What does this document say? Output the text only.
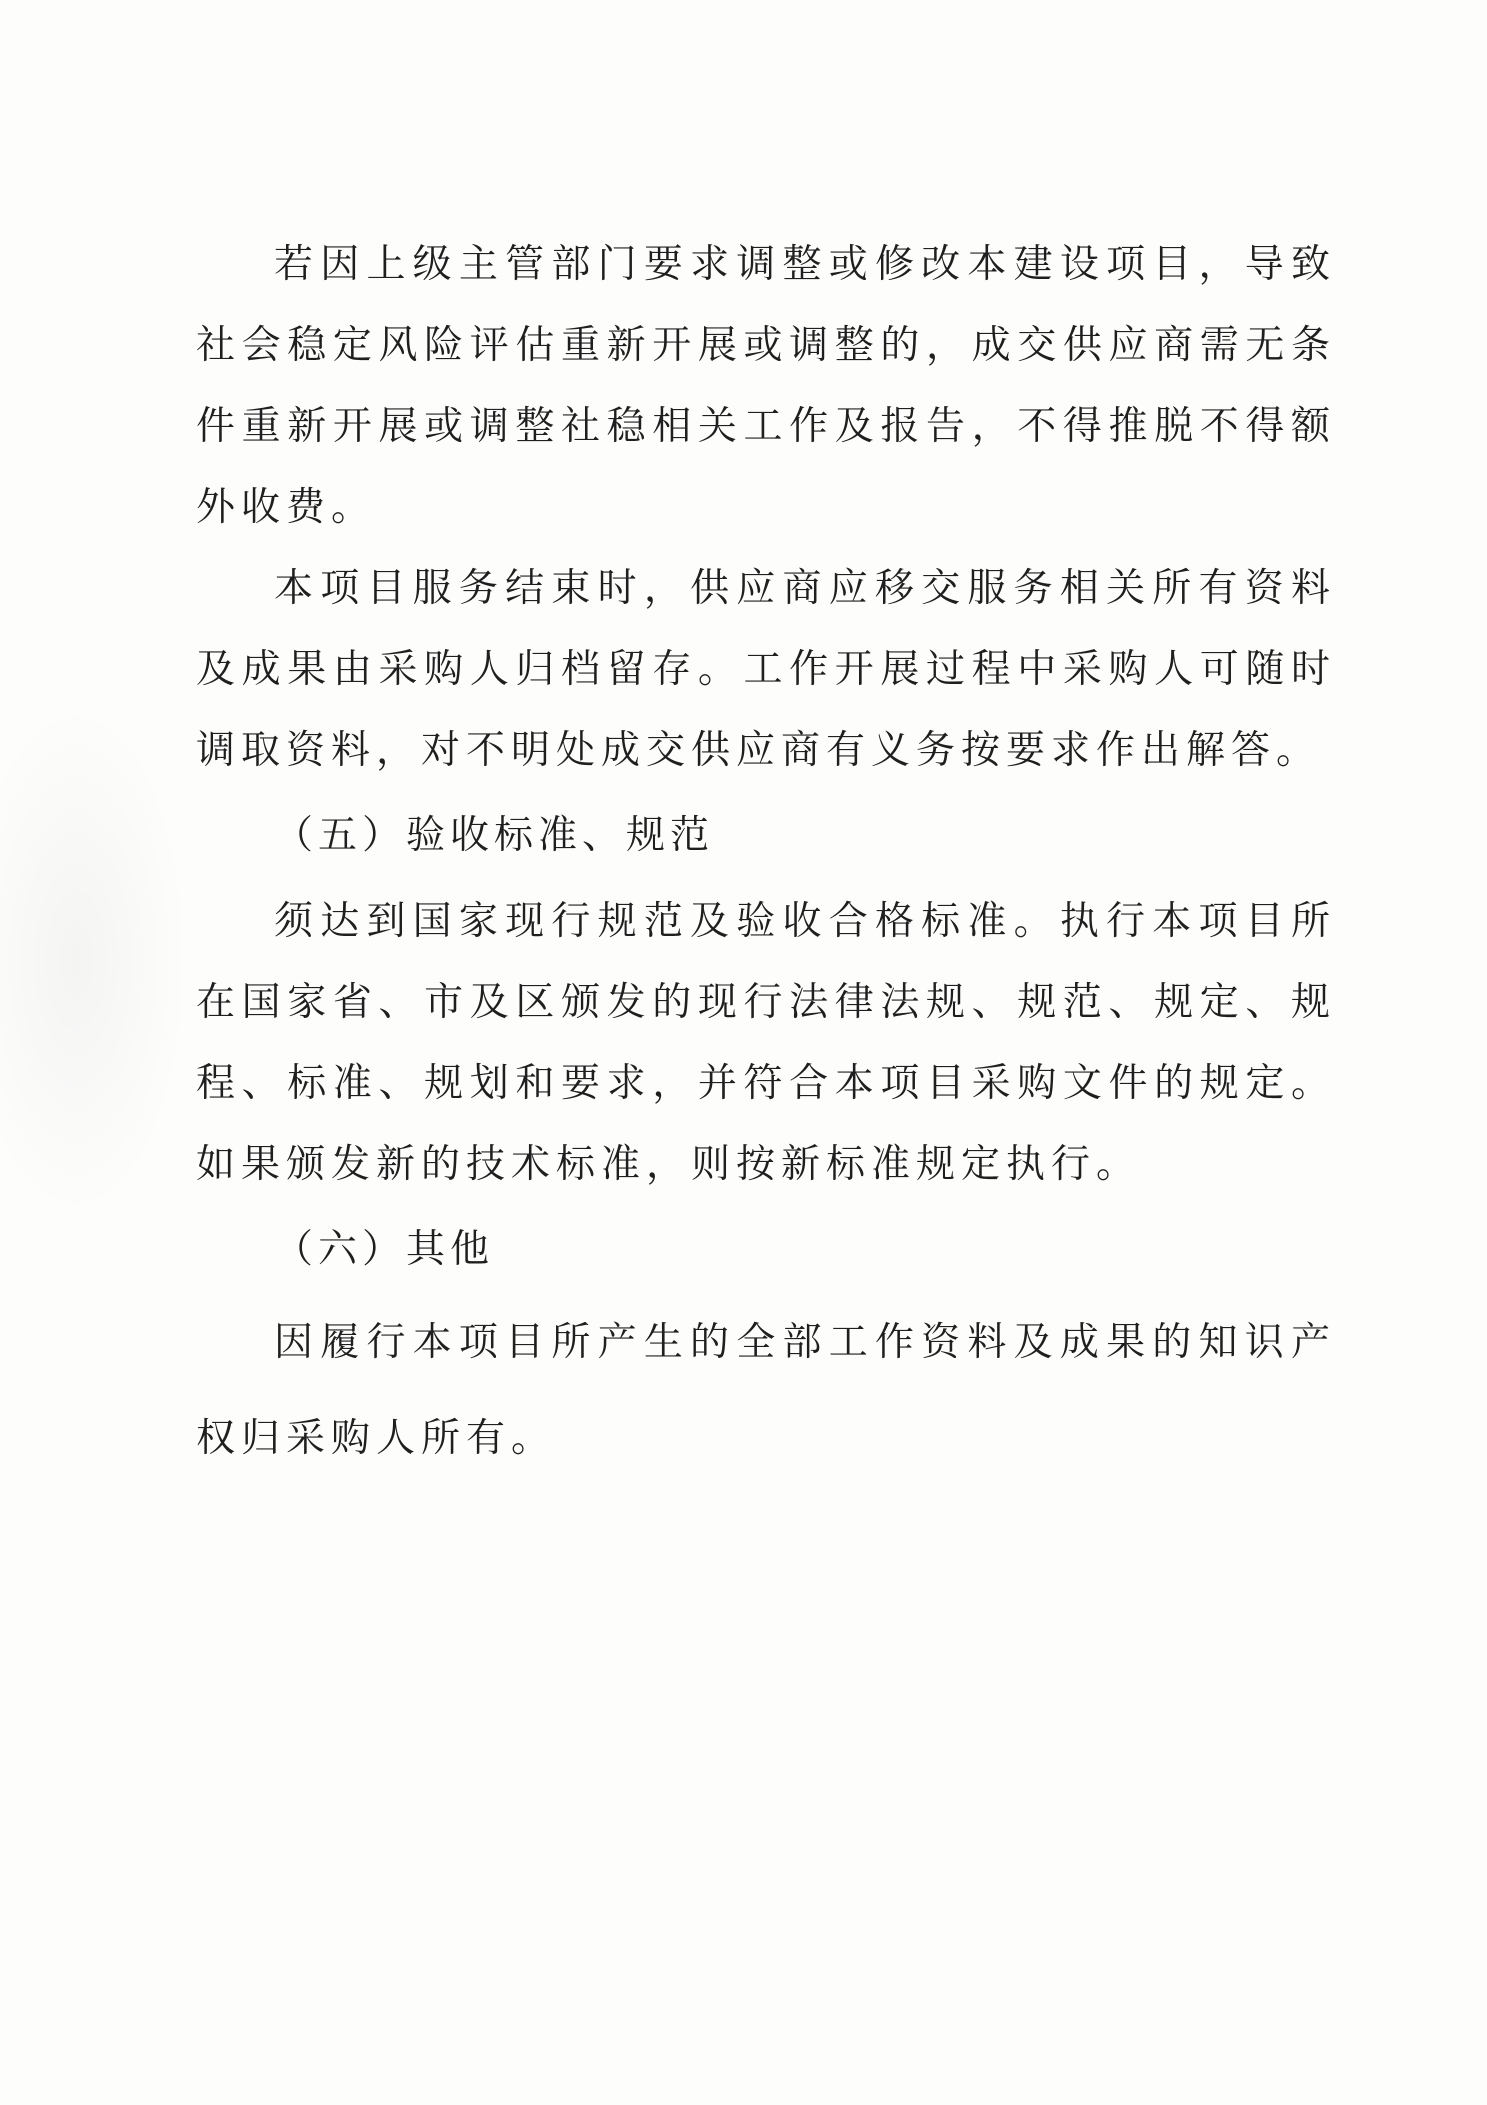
若因上级主管部门要求调整或修改本建设项目，导致社会稳定风险评估重新开展或调整的，成交供应商需无条件重新开展或调整社稳相关工作及报告，不得推脱不得额外收费。

本项目服务结束时，供应商应移交服务相关所有资料及成果由采购人归档留存。工作开展过程中采购人可随时调取资料，对不明处成交供应商有义务按要求作出解答。

（五）验收标准、规范

须达到国家现行规范及验收合格标准。执行本项目所在国家省、市及区颁发的现行法律法规、规范、规定、规程、标准、规划和要求，并符合本项目采购文件的规定。如果颁发新的技术标准，则按新标准规定执行。

（六）其他

因履行本项目所产生的全部工作资料及成果的知识产权归采购人所有。
